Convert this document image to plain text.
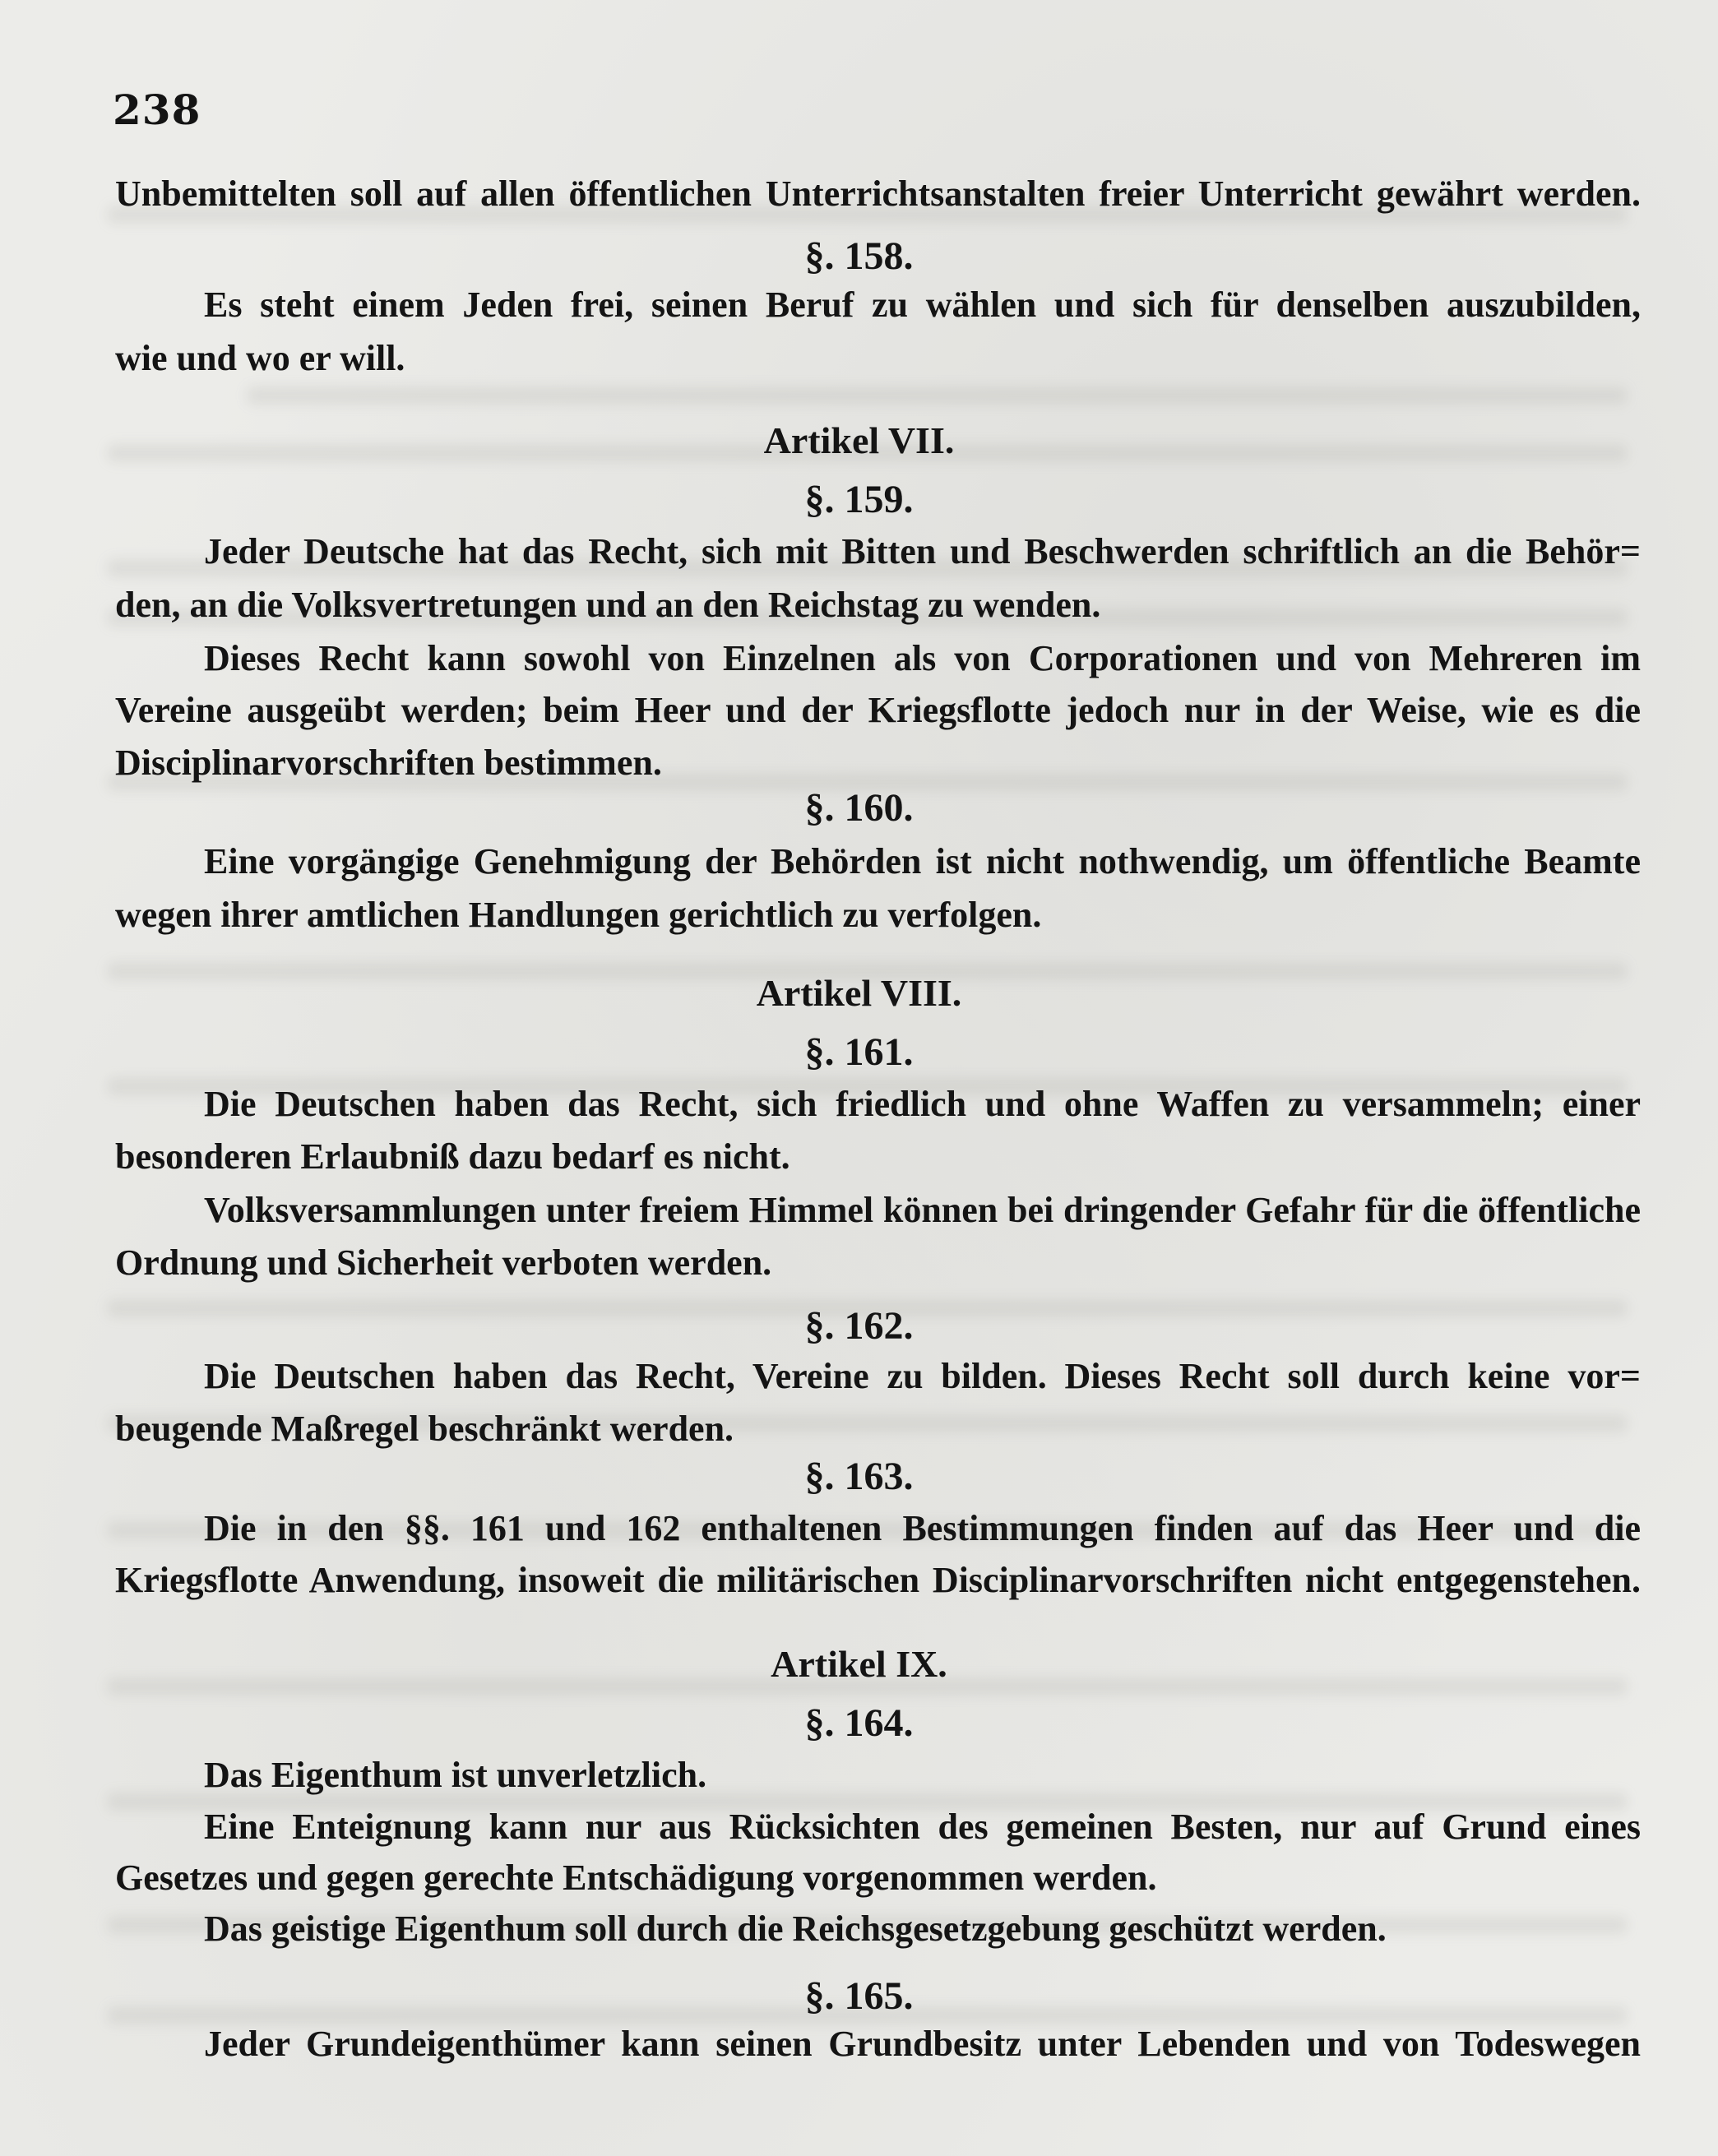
238
Unbemittelten soll auf allen öffentlichen Unterrichtsanstalten freier Unterricht gewährt werden.
§. 158.
Es steht einem Jeden frei, seinen Beruf zu wählen und sich für denselben auszubilden,
wie und wo er will.
Artikel VII.
§. 159.
Jeder Deutsche hat das Recht, sich mit Bitten und Beschwerden schriftlich an die Behör=
den, an die Volksvertretungen und an den Reichstag zu wenden.
Dieses Recht kann sowohl von Einzelnen als von Corporationen und von Mehreren im
Vereine ausgeübt werden; beim Heer und der Kriegsflotte jedoch nur in der Weise, wie es die
Disciplinarvorschriften bestimmen.
§. 160.
Eine vorgängige Genehmigung der Behörden ist nicht nothwendig, um öffentliche Beamte
wegen ihrer amtlichen Handlungen gerichtlich zu verfolgen.
Artikel VIII.
§. 161.
Die Deutschen haben das Recht, sich friedlich und ohne Waffen zu versammeln; einer
besonderen Erlaubniß dazu bedarf es nicht.
Volksversammlungen unter freiem Himmel können bei dringender Gefahr für die öffentliche
Ordnung und Sicherheit verboten werden.
§. 162.
Die Deutschen haben das Recht, Vereine zu bilden. Dieses Recht soll durch keine vor=
beugende Maßregel beschränkt werden.
§. 163.
Die in den §§. 161 und 162 enthaltenen Bestimmungen finden auf das Heer und die
Kriegsflotte Anwendung, insoweit die militärischen Disciplinarvorschriften nicht entgegenstehen.
Artikel IX.
§. 164.
Das Eigenthum ist unverletzlich.
Eine Enteignung kann nur aus Rücksichten des gemeinen Besten, nur auf Grund eines
Gesetzes und gegen gerechte Entschädigung vorgenommen werden.
Das geistige Eigenthum soll durch die Reichsgesetzgebung geschützt werden.
§. 165.
Jeder Grundeigenthümer kann seinen Grundbesitz unter Lebenden und von Todeswegen
